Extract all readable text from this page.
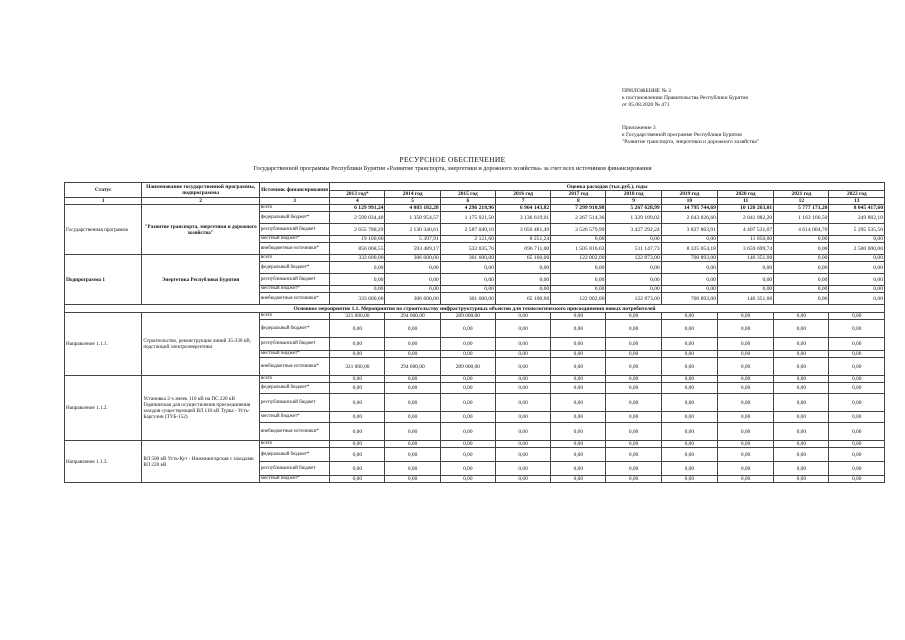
ПРИЛОЖЕНИЕ № 3
к постановлению Правительства Республики Бурятия
от 05.08.2020 № 471
Приложение 3
к Государственной программе Республики Бурятия
"Развитие транспорта, энергетики и дорожного хозяйства"
РЕСУРСНОЕ ОБЕСПЕЧЕНИЕ
Государственной программы Республики Бурятия «Развитие транспорта, энергетики и дорожного хозяйства» за счет всех источников финансирования
Статус	Наименование государственной программы, подпрограммы	Источник финансирования	Оценка расходов (тыс.руб.), годы									
			2013 год*	2014 год	2015 год	2016 год	2017 год	2018 год	2019 год	2020 год	2021 год	2022 год
1	2	3	4	5	6	7	8	9	10	11	12	13
Государственная программа	"Развитие транспорта, энергетики и дорожного хозяйства"	всего	6 129 991,24	4 083 182,28	4 296 218,96	6 964 143,82	7 299 910,98	5 267 628,99	14 795 744,69	10 120 263,01	5 777 171,20	8 045 417,60
		федеральный бюджет*	2 599 034,40	1 350 954,57	1 175 021,50	3 136 619,01	2 267 514,36	1 329 189,02	2 643 826,60	2 041 982,20	1 163 166,50	249 882,10
		республиканский бюджет	2 655 788,29	2 130 340,61	2 587 040,10	3 056 481,49	3 526 579,99	3 427 292,24	3 827 863,91	4 407 531,07	4 614 004,70	5 295 535,50
		местный бюджет*	19 100,00	5 397,91	2 121,60	8 251,24	0,00	0,00	0,00	11 050,00	0,00	0,00
		внебюджетные источники*	856 068,55	593 489,17	532 035,76	696 711,00	1 505 816,63	511 147,73	8 325 054,18	3 659 699,74	0,00	2 500 000,00
Подпрограмма 1	Энергетика Республики Бурятия	всего	333 600,00	306 600,00	301 600,00	65 100,00	122 002,00	122 873,00	700 893,00	146 351,00	0,00	0,00
		федеральный бюджет*	0,00	0,00	0,00	0,00	0,00	0,00	0,00	0,00	0,00	0,00
		республиканский бюджет	0,00	0,00	0,00	0,00	0,00	0,00	0,00	0,00	0,00	0,00
		местный бюджет*	0,00	0,00	0,00	0,00	0,00	0,00	0,00	0,00	0,00	0,00
		внебюджетные источники*	333 600,00	306 600,00	301 600,00	65 100,00	122 002,00	122 873,00	700 893,00	146 351,00	0,00	0,00
Основное мероприятие 1.1. Мероприятия по строительству инфраструктурных объектов для технологического присоединения новых потребителей												
Направление 1.1.1.	Строительство, реконструкция линий 35-330 кВ, подстанций электроэнергетики	всего	321 000,00	294 000,00	289 000,00	0,00	0,00	0,00	0,00	0,00	0,00	0,00
		федеральный бюджет*	0,00	0,00	0,00	0,00	0,00	0,00	0,00	0,00	0,00	0,00
		республиканский бюджет	0,00	0,00	0,00	0,00	0,00	0,00	0,00	0,00	0,00	0,00
		местный бюджет*	0,00	0,00	0,00	0,00	0,00	0,00	0,00	0,00	0,00	0,00
		внебюджетные источники*	321 000,00	294 000,00	289 000,00	0,00	0,00	0,00	0,00	0,00	0,00	0,00
Направление 1.1.2.	Установка 2-х ячеек 110 кВ на ПС 220 кВ Горячинская для осуществления присоединения заходов существующей ВЛ 110 кВ Турка - Усть-Баргузин (ТУБ-152)	всего	0,00	0,00	0,00	0,00	0,00	0,00	0,00	0,00	0,00	0,00
		федеральный бюджет*	0,00	0,00	0,00	0,00	0,00	0,00	0,00	0,00	0,00	0,00
		республиканский бюджет	0,00	0,00	0,00	0,00	0,00	0,00	0,00	0,00	0,00	0,00
		местный бюджет*	0,00	0,00	0,00	0,00	0,00	0,00	0,00	0,00	0,00	0,00
		внебюджетные источники*	0,00	0,00	0,00	0,00	0,00	0,00	0,00	0,00	0,00	0,00
Направление 1.1.3.	ВЛ 500 кВ Усть-Кут - Нижнеангарская с заходами ВЛ 220 кВ	всего	0,00	0,00	0,00	0,00	0,00	0,00	0,00	0,00	0,00	0,00
		федеральный бюджет*	0,00	0,00	0,00	0,00	0,00	0,00	0,00	0,00	0,00	0,00
		республиканский бюджет	0,00	0,00	0,00	0,00	0,00	0,00	0,00	0,00	0,00	0,00
		местный бюджет*	0,00	0,00	0,00	0,00	0,00	0,00	0,00	0,00	0,00	0,00
